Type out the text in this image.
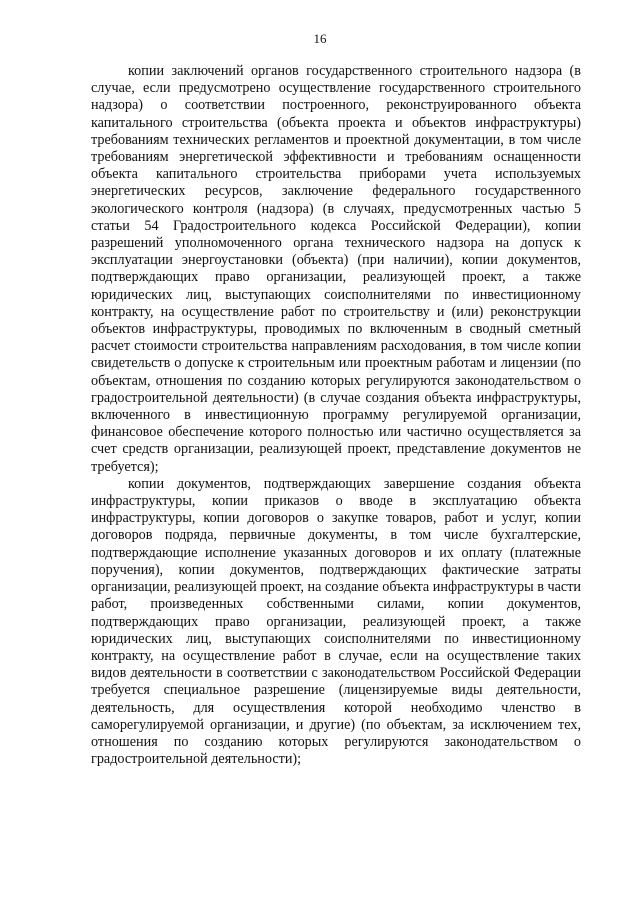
16

копии заключений органов государственного строительного надзора (в случае, если предусмотрено осуществление государственного строительного надзора) о соответствии построенного, реконструированного объекта капитального строительства (объекта проекта и объектов инфраструктуры) требованиям технических регламентов и проектной документации, в том числе требованиям энергетической эффективности и требованиям оснащенности объекта капитального строительства приборами учета используемых энергетических ресурсов, заключение федерального государственного экологического контроля (надзора) (в случаях, предусмотренных частью 5 статьи 54 Градостроительного кодекса Российской Федерации), копии разрешений уполномоченного органа технического надзора на допуск к эксплуатации энергоустановки (объекта) (при наличии), копии документов, подтверждающих право организации, реализующей проект, а также юридических лиц, выступающих соисполнителями по инвестиционному контракту, на осуществление работ по строительству и (или) реконструкции объектов инфраструктуры, проводимых по включенным в сводный сметный расчет стоимости строительства направлениям расходования, в том числе копии свидетельств о допуске к строительным или проектным работам и лицензии (по объектам, отношения по созданию которых регулируются законодательством о градостроительной деятельности) (в случае создания объекта инфраструктуры, включенного в инвестиционную программу регулируемой организации, финансовое обеспечение которого полностью или частично осуществляется за счет средств организации, реализующей проект, представление документов не требуется);

копии документов, подтверждающих завершение создания объекта инфраструктуры, копии приказов о вводе в эксплуатацию объекта инфраструктуры, копии договоров о закупке товаров, работ и услуг, копии договоров подряда, первичные документы, в том числе бухгалтерские, подтверждающие исполнение указанных договоров и их оплату (платежные поручения), копии документов, подтверждающих фактические затраты организации, реализующей проект, на создание объекта инфраструктуры в части работ, произведенных собственными силами, копии документов, подтверждающих право организации, реализующей проект, а также юридических лиц, выступающих соисполнителями по инвестиционному контракту, на осуществление работ в случае, если на осуществление таких видов деятельности в соответствии с законодательством Российской Федерации требуется специальное разрешение (лицензируемые виды деятельности, деятельность, для осуществления которой необходимо членство в саморегулируемой организации, и другие) (по объектам, за исключением тех, отношения по созданию которых регулируются законодательством о градостроительной деятельности);
